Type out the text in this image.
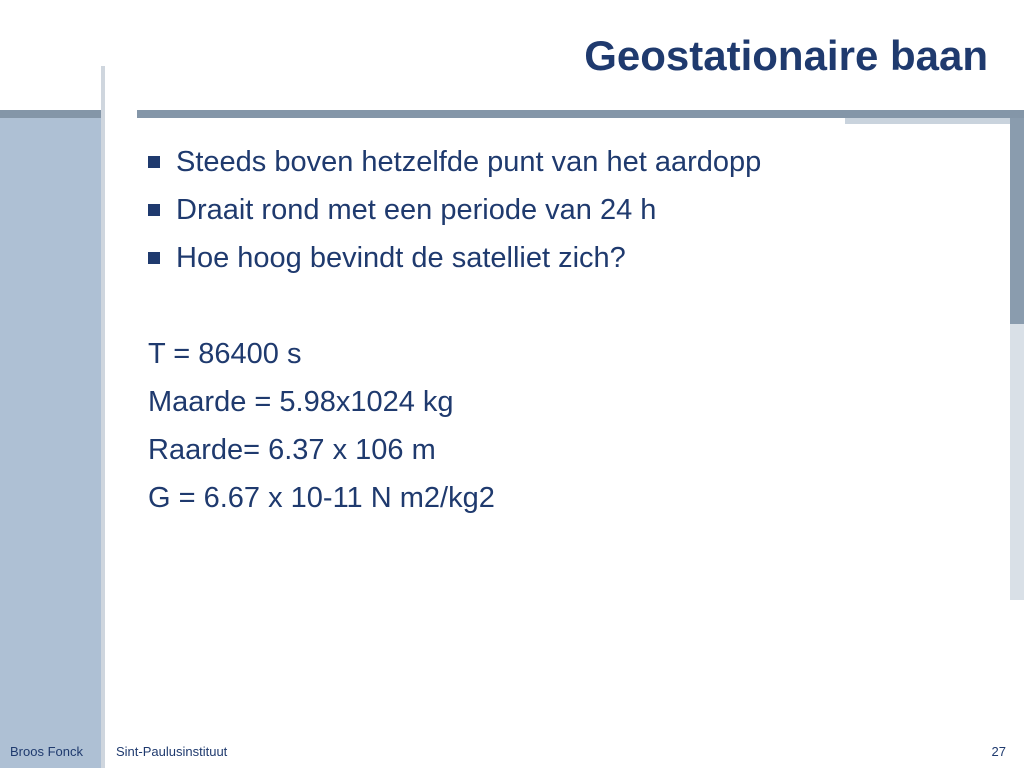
Geostationaire baan
Steeds boven hetzelfde punt van het aardopp
Draait rond met een periode van 24 h
Hoe hoog bevindt de satelliet zich?
T = 86400 s
Maarde = 5.98x1024 kg
Raarde= 6.37 x 106 m
G = 6.67 x 10-11 N m2/kg2
Broos Fonck	Sint-Paulusinstituut	27
